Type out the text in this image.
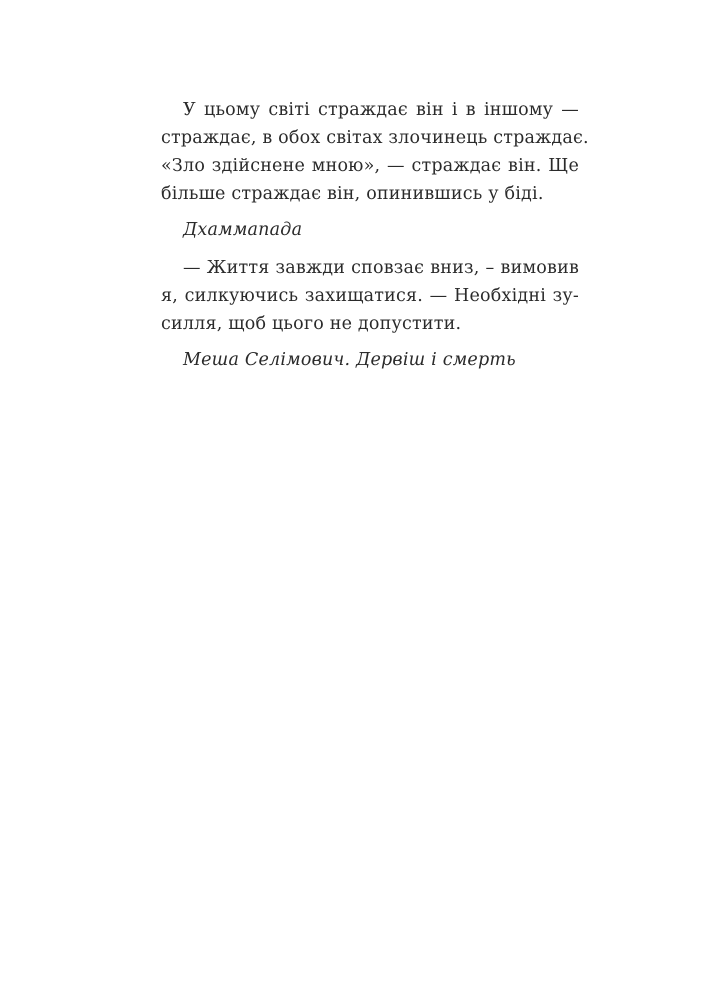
У цьому світі страждає він і в іншому —
страждає, в обох світах злочинець страждає.
«Зло здійснене мною», — страждає він. Ще
більше страждає він, опинившись у біді.
Дхаммапада
— Життя завжди сповзає вниз, – вимовив
я, силкуючись захищатися. — Необхідні зу-
силля, щоб цього не допустити.
Меша Селімович. Дервіш і смерть
